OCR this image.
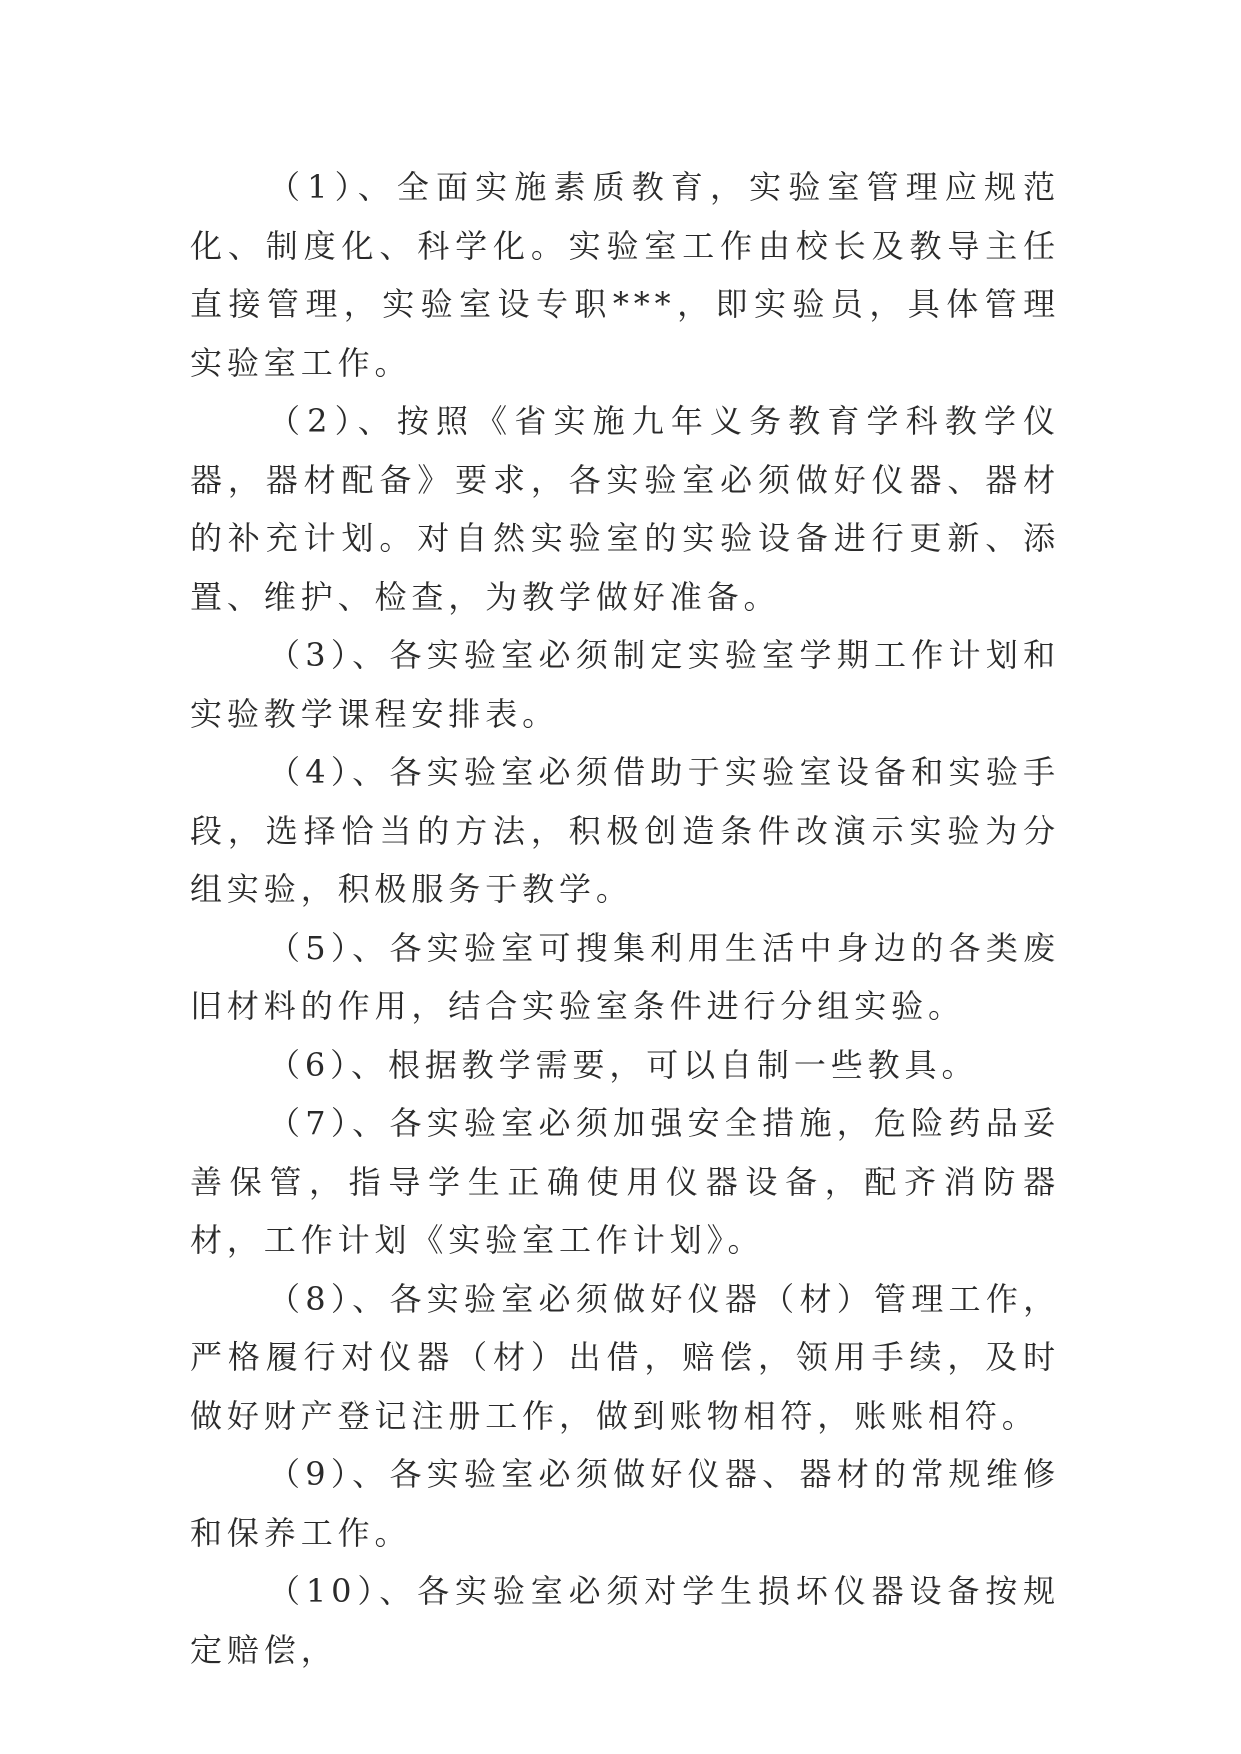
（1）、全面实施素质教育，实验室管理应规范化、制度化、科学化。实验室工作由校长及教导主任直接管理，实验室设专职***，即实验员，具体管理实验室工作。

（2）、按照《省实施九年义务教育学科教学仪器，器材配备》要求，各实验室必须做好仪器、器材的补充计划。对自然实验室的实验设备进行更新、添置、维护、检查，为教学做好准备。

（3）、各实验室必须制定实验室学期工作计划和实验教学课程安排表。

（4）、各实验室必须借助于实验室设备和实验手段，选择恰当的方法，积极创造条件改演示实验为分组实验，积极服务于教学。

（5）、各实验室可搜集利用生活中身边的各类废旧材料的作用，结合实验室条件进行分组实验。

（6）、根据教学需要，可以自制一些教具。

（7）、各实验室必须加强安全措施，危险药品妥善保管，指导学生正确使用仪器设备，配齐消防器材，工作计划《实验室工作计划》。

（8）、各实验室必须做好仪器（材）管理工作，严格履行对仪器（材）出借，赔偿，领用手续，及时做好财产登记注册工作，做到账物相符，账账相符。

（9）、各实验室必须做好仪器、器材的常规维修和保养工作。

（10）、各实验室必须对学生损坏仪器设备按规定赔偿，
